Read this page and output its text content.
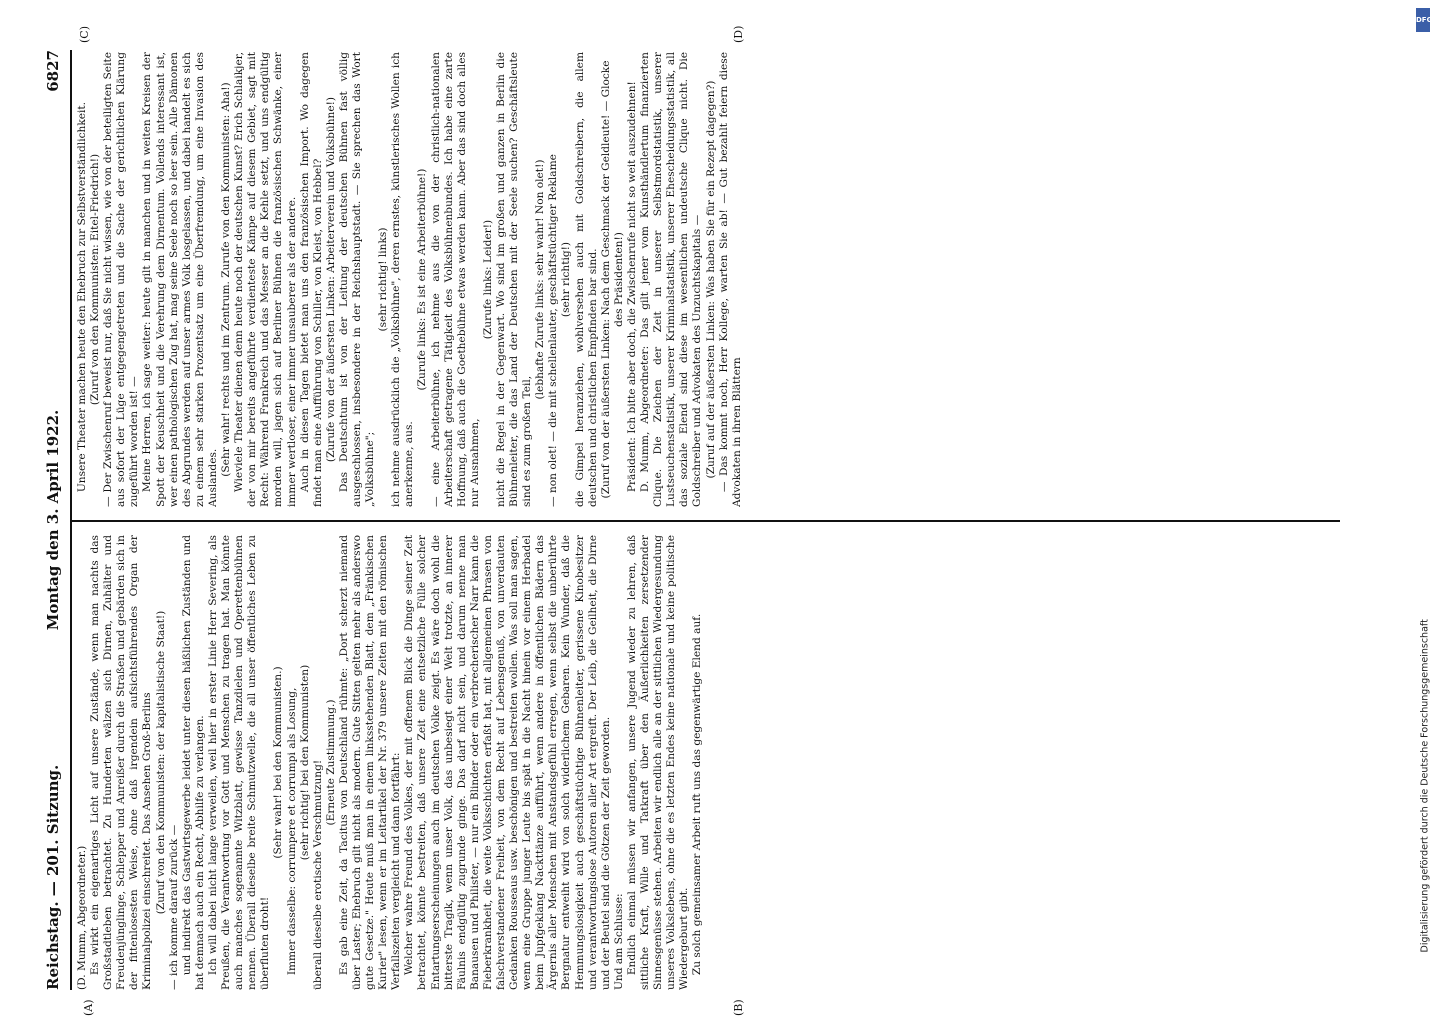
Reichstag. — 201. Sitzung.
Montag den 3. April 1922.
6827
(A)	(B)
(C)	(D)

(D. Mumm, Abgeordneter.) Es wirkt ein eigenartiges Licht auf unsere Zustände, wenn man nachts das Großstadtleben betrachtet. Zu Hunderten wälzen sich Dirnen, Zuhälter und Freudenjünglinge, Schlepper und Anreißer durch die Straßen und gebärden sich in der fittenlosesten Weise, ohne daß irgendein aufsichtsführendes Organ der Kriminalpolizei einschreitet. Das Ansehen Groß-Berlins (Zuruf von den Kommunisten: der kapitalistische Staat!) — ich komme darauf zurück — und indirekt das Gastwirtsgewerbe leidet unter diesen häßlichen Zuständen und hat demnach auch ein Recht, Abhilfe zu verlangen. Ich will dabei nicht lange verweilen, weil hier in erster Linie Herr Severing, als Preußen, die Verantwortung vor Gott und Menschen zu tragen hat. Man könnte auch manches sogenannte Witzblatt, gewisse Tanzdielen und Operettenbühnen nennen. Überall dieselbe breite Schmutzwelle, die all unser öffentliches Leben zu überfluten droht!

(Sehr wahr! bei den Kommunisten.) Immer dasselbe: corrumpere et corrumpi als Losung, (sehr richtig! bei den Kommunisten) überall dieselbe erotische Verschmutzung! (Erneute Zustimmung.) Es gab eine Zeit, da Tacitus von Deutschland rühmte: „Dort scherzt niemand über Laster; Ehebruch gilt nicht als modern. Gute Sitten gelten mehr als anderswo gute Gesetze." Heute muß man in einem linksstehenden Blatt, dem „Fränkischen Kurier" lesen, wenn er im Leitartikel der Nr. 379 unsere Zeiten mit den römischen Verfallszeiten vergleicht und dann fortfährt: Welcher wahre Freund des Volkes, der mit offenem Blick die Dinge seiner Zeit betrachtet, könnte bestreiten, daß unsere Zeit eine entsetzliche Fülle solcher Entartungserscheinungen auch im deutschen Volke zeigt. Es wäre doch wohl die bitterste Tragik, wenn unser Volk, das unbesiegt einer Welt trotzte, an innerer Fäulnis endgültig zugrunde ginge. Das darf nicht sein, und darum nenne man Banausen und Philister, — nur ein Blinder oder ein verbrecherischer Narr kann die Fieberkrankheit, die weite Volksschichten erfaßt hat, mit allgemeinen Phrasen von falschverstandener Freiheit, von dem Recht auf Lebensgenuß, von unverdauten Gedanken Rousseaus usw. beschönigen und bestreiten wollen. Was soll man sagen, wenn eine Gruppe junger Leute bis spät in die Nacht hinein vor einem Herbadel beim Jupfgeklang Nackttänze aufführt, wenn andere in öffentlichen Bädern das Ärgernis aller Menschen mit Anstandsgefühl erregen, wenn selbst die unberührte Bergnatur entweiht wird von solch widerlichem Gebaren. Kein Wunder, daß die Hemmungslosigkeit auch geschäftstüchtige Bühnenleiter, gerissene Kinobesitzer und verantwortungslose Autoren aller Art ergreift. Der Leib, die Geilheit, die Dirne und der Beutel sind die Götzen der Zeit geworden. Und am Schlusse: Endlich einmal müssen wir anfangen, unsere Jugend wieder zu lehren, daß sittliche Kraft, Wille und Tatkraft über den Äußerlichkeiten zersetzender Sinnesgenüsse stehen. Arbeiten wir endlich alle an der sittlichen Wiedergesundung unseres Volkslebens, ohne die es letzten Endes keine nationale und keine politische Wiedergeburt gibt. Zu solch gemeinsamer Arbeit ruft uns das gegenwärtige Elend auf.

Unsere Theater machen heute den Ehebruch zur Selbstverständlichkeit. (Zuruf von den Kommunisten: Eitel-Friedrich!) — Der Zwischenruf beweist nur, daß Sie nicht wissen, wie von der beteiligten Seite aus sofort der Lüge entgegengetreten und die Sache der gerichtlichen Klärung zugeführt worden ist! — Meine Herren, ich sage weiter: heute gilt in manchen und in weiten Kreisen der Spott der Keuschheit und die Verehrung dem Dirnentum. Vollends interessant ist, wer einen pathologischen Zug hat, mag seine Seele noch so leer sein. Alle Dämonen des Abgrundes werden auf unser armes Volk losgelassen, und dabei handelt es sich zu einem sehr starken Prozentsatz um eine Überfremdung, um eine Invasion des Auslandes.

(Sehr wahr! rechts und im Zentrum. Zurufe von den Kommunisten: Aha!) Wieviele Theater dienen denn heute noch der deutschen Kunst? Erich Schlaikjer, der von mir bereits angeführte verdienteste Kämpe auf diesem Gebiet, sagt mit Recht: Während Frankreich und das Messer an die Kehle setzt, und uns endgültig morden will, jagen sich auf Berliner Bühnen die französischen Schwänke, einer immer wertloser, einer immer unsauberer als der andere. Auch in diesen Tagen bietet man uns den französischen Import. Wo dagegen findet man eine Aufführung von Schiller, von Kleist, von Hebbel? (Zurufe von der äußersten Linken: Arbeiterverein und Volksbühne!) Das Deutschtum ist von der Leitung der deutschen Bühnen fast völlig ausgeschlossen, insbesondere in der Reichshauptstadt. — Sie sprechen das Wort „Volksbühne";

(sehr richtig! links) ich nehme ausdrücklich die „Volksbühne", deren ernstes, künstlerisches Wollen ich anerkenne, aus.

(Zurufe links: Es ist eine Arbeiterbühne!) — eine Arbeiterbühne, ich nehme aus die von der christlich-nationalen Arbeiterschaft getragene Tätigkeit des Volksbühnenbundes. Ich habe eine zarte Hoffnung, daß auch die Goethebühne etwas werden kann. Aber das sind doch alles nur Ausnahmen,

(Zurufe links: Leider!) nicht die Regel in der Gegenwart. Wo sind im großen und ganzen in Berlin die Bühnenleiter, die das Land der Deutschen mit der Seele suchen? Geschäftsleute sind es zum großen Teil,

(lebhafte Zurufe links: sehr wahr! Non olet!) — non olet! — die mit schellenlauter, geschäftstüchtiger Reklame (sehr richtig!) die Gimpel heranziehen, wohlversehen auch mit Goldschreibern, die allem deutschen und christlichen Empfinden bar sind. (Zuruf von der äußersten Linken: Nach dem Geschmack der Geldleute! — Glocke des Präsidenten!) Präsident: Ich bitte aber doch, die Zwischenrufe nicht so weit auszudehnen! D. Mumm, Abgeordneter: Das gilt jener vom Kunsthändlertum finanzierten Clique. Die Zeichen der Zeit in unserer Selbstmordstatistik, unserer Lustseuchenstatistik, unserer Kriminalstatistik, unserer Ehescheidungsstatistik, all das soziale Elend sind diese im wesentlichen undeutsche Clique nicht. Die Goldschreiber und Advokaten des Unzuchtskapitals — (Zuruf auf der äußersten Linken: Was haben Sie für ein Rezept dagegen?) — Das kommt noch, Herr Kollege, warten Sie ab! — Gut bezahlt feiern diese Advokaten in ihren Blättern

Digitalisierung gefördert durch die Deutsche Forschungsgemeinschaft
DFG
